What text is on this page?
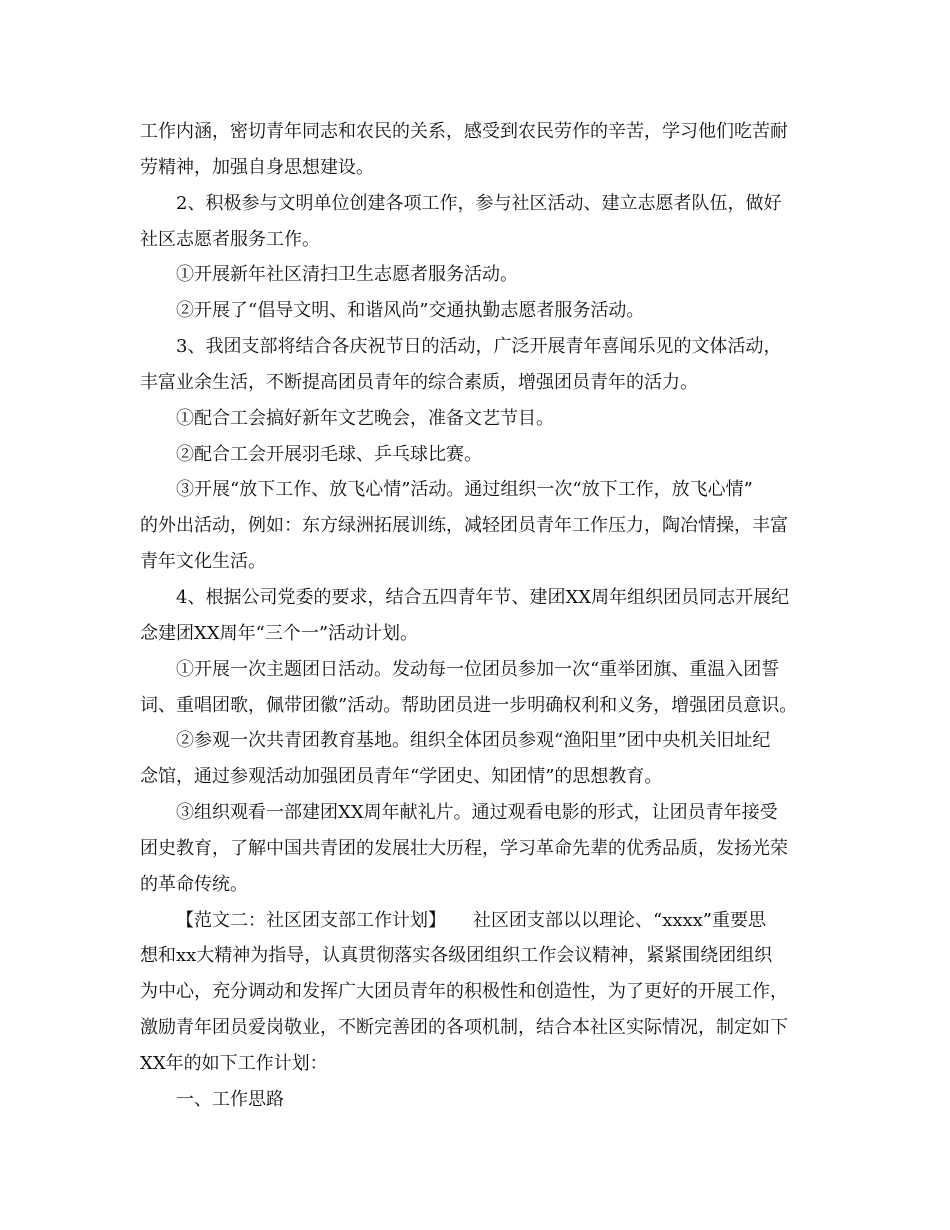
工作内涵，密切青年同志和农民的关系，感受到农民劳作的辛苦，学习他们吃苦耐
劳精神，加强自身思想建设。
2、积极参与文明单位创建各项工作，参与社区活动、建立志愿者队伍，做好
社区志愿者服务工作。
①开展新年社区清扫卫生志愿者服务活动。
②开展了“倡导文明、和谐风尚”交通执勤志愿者服务活动。
3、我团支部将结合各庆祝节日的活动，广泛开展青年喜闻乐见的文体活动，
丰富业余生活，不断提高团员青年的综合素质，增强团员青年的活力。
①配合工会搞好新年文艺晚会，准备文艺节目。
②配合工会开展羽毛球、乒乓球比赛。
③开展“放下工作、放飞心情”活动。通过组织一次“放下工作，放飞心情”
的外出活动，例如：东方绿洲拓展训练，减轻团员青年工作压力，陶冶情操，丰富
青年文化生活。
4、根据公司党委的要求，结合五四青年节、建团XX周年组织团员同志开展纪
念建团XX周年“三个一”活动计划。
①开展一次主题团日活动。发动每一位团员参加一次“重举团旗、重温入团誓
词、重唱团歌，佩带团徽”活动。帮助团员进一步明确权利和义务，增强团员意识。
②参观一次共青团教育基地。组织全体团员参观“渔阳里”团中央机关旧址纪
念馆，通过参观活动加强团员青年“学团史、知团情”的思想教育。
③组织观看一部建团XX周年献礼片。通过观看电影的形式，让团员青年接受
团史教育，了解中国共青团的发展壮大历程，学习革命先辈的优秀品质，发扬光荣
的革命传统。
【范文二：社区团支部工作计划】　　社区团支部以以理论、“xxxx”重要思
想和xx大精神为指导，认真贯彻落实各级团组织工作会议精神，紧紧围绕团组织
为中心，充分调动和发挥广大团员青年的积极性和创造性，为了更好的开展工作，
激励青年团员爱岗敬业，不断完善团的各项机制，结合本社区实际情况，制定如下
XX年的如下工作计划：
一、工作思路
